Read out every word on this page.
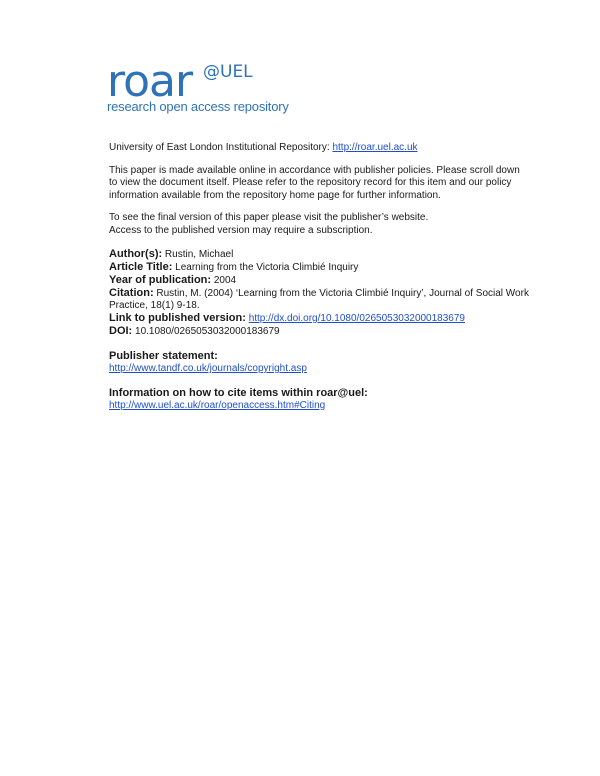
roar @UEL
research open access repository

University of East London Institutional Repository: http://roar.uel.ac.uk

This paper is made available online in accordance with publisher policies. Please scroll down to view the document itself. Please refer to the repository record for this item and our policy information available from the repository home page for further information.

To see the final version of this paper please visit the publisher’s website.
Access to the published version may require a subscription.

Author(s): Rustin, Michael

Article Title: Learning from the Victoria Climbié Inquiry

Year of publication: 2004

Citation: Rustin, M. (2004) ‘Learning from the Victoria Climbié Inquiry’, Journal of Social Work Practice, 18(1) 9-18.

Link to published version: http://dx.doi.org/10.1080/0265053032000183679

DOI: 10.1080/0265053032000183679

Publisher statement:

http://www.tandf.co.uk/journals/copyright.asp

Information on how to cite items within roar@uel:

http://www.uel.ac.uk/roar/openaccess.htm#Citing
